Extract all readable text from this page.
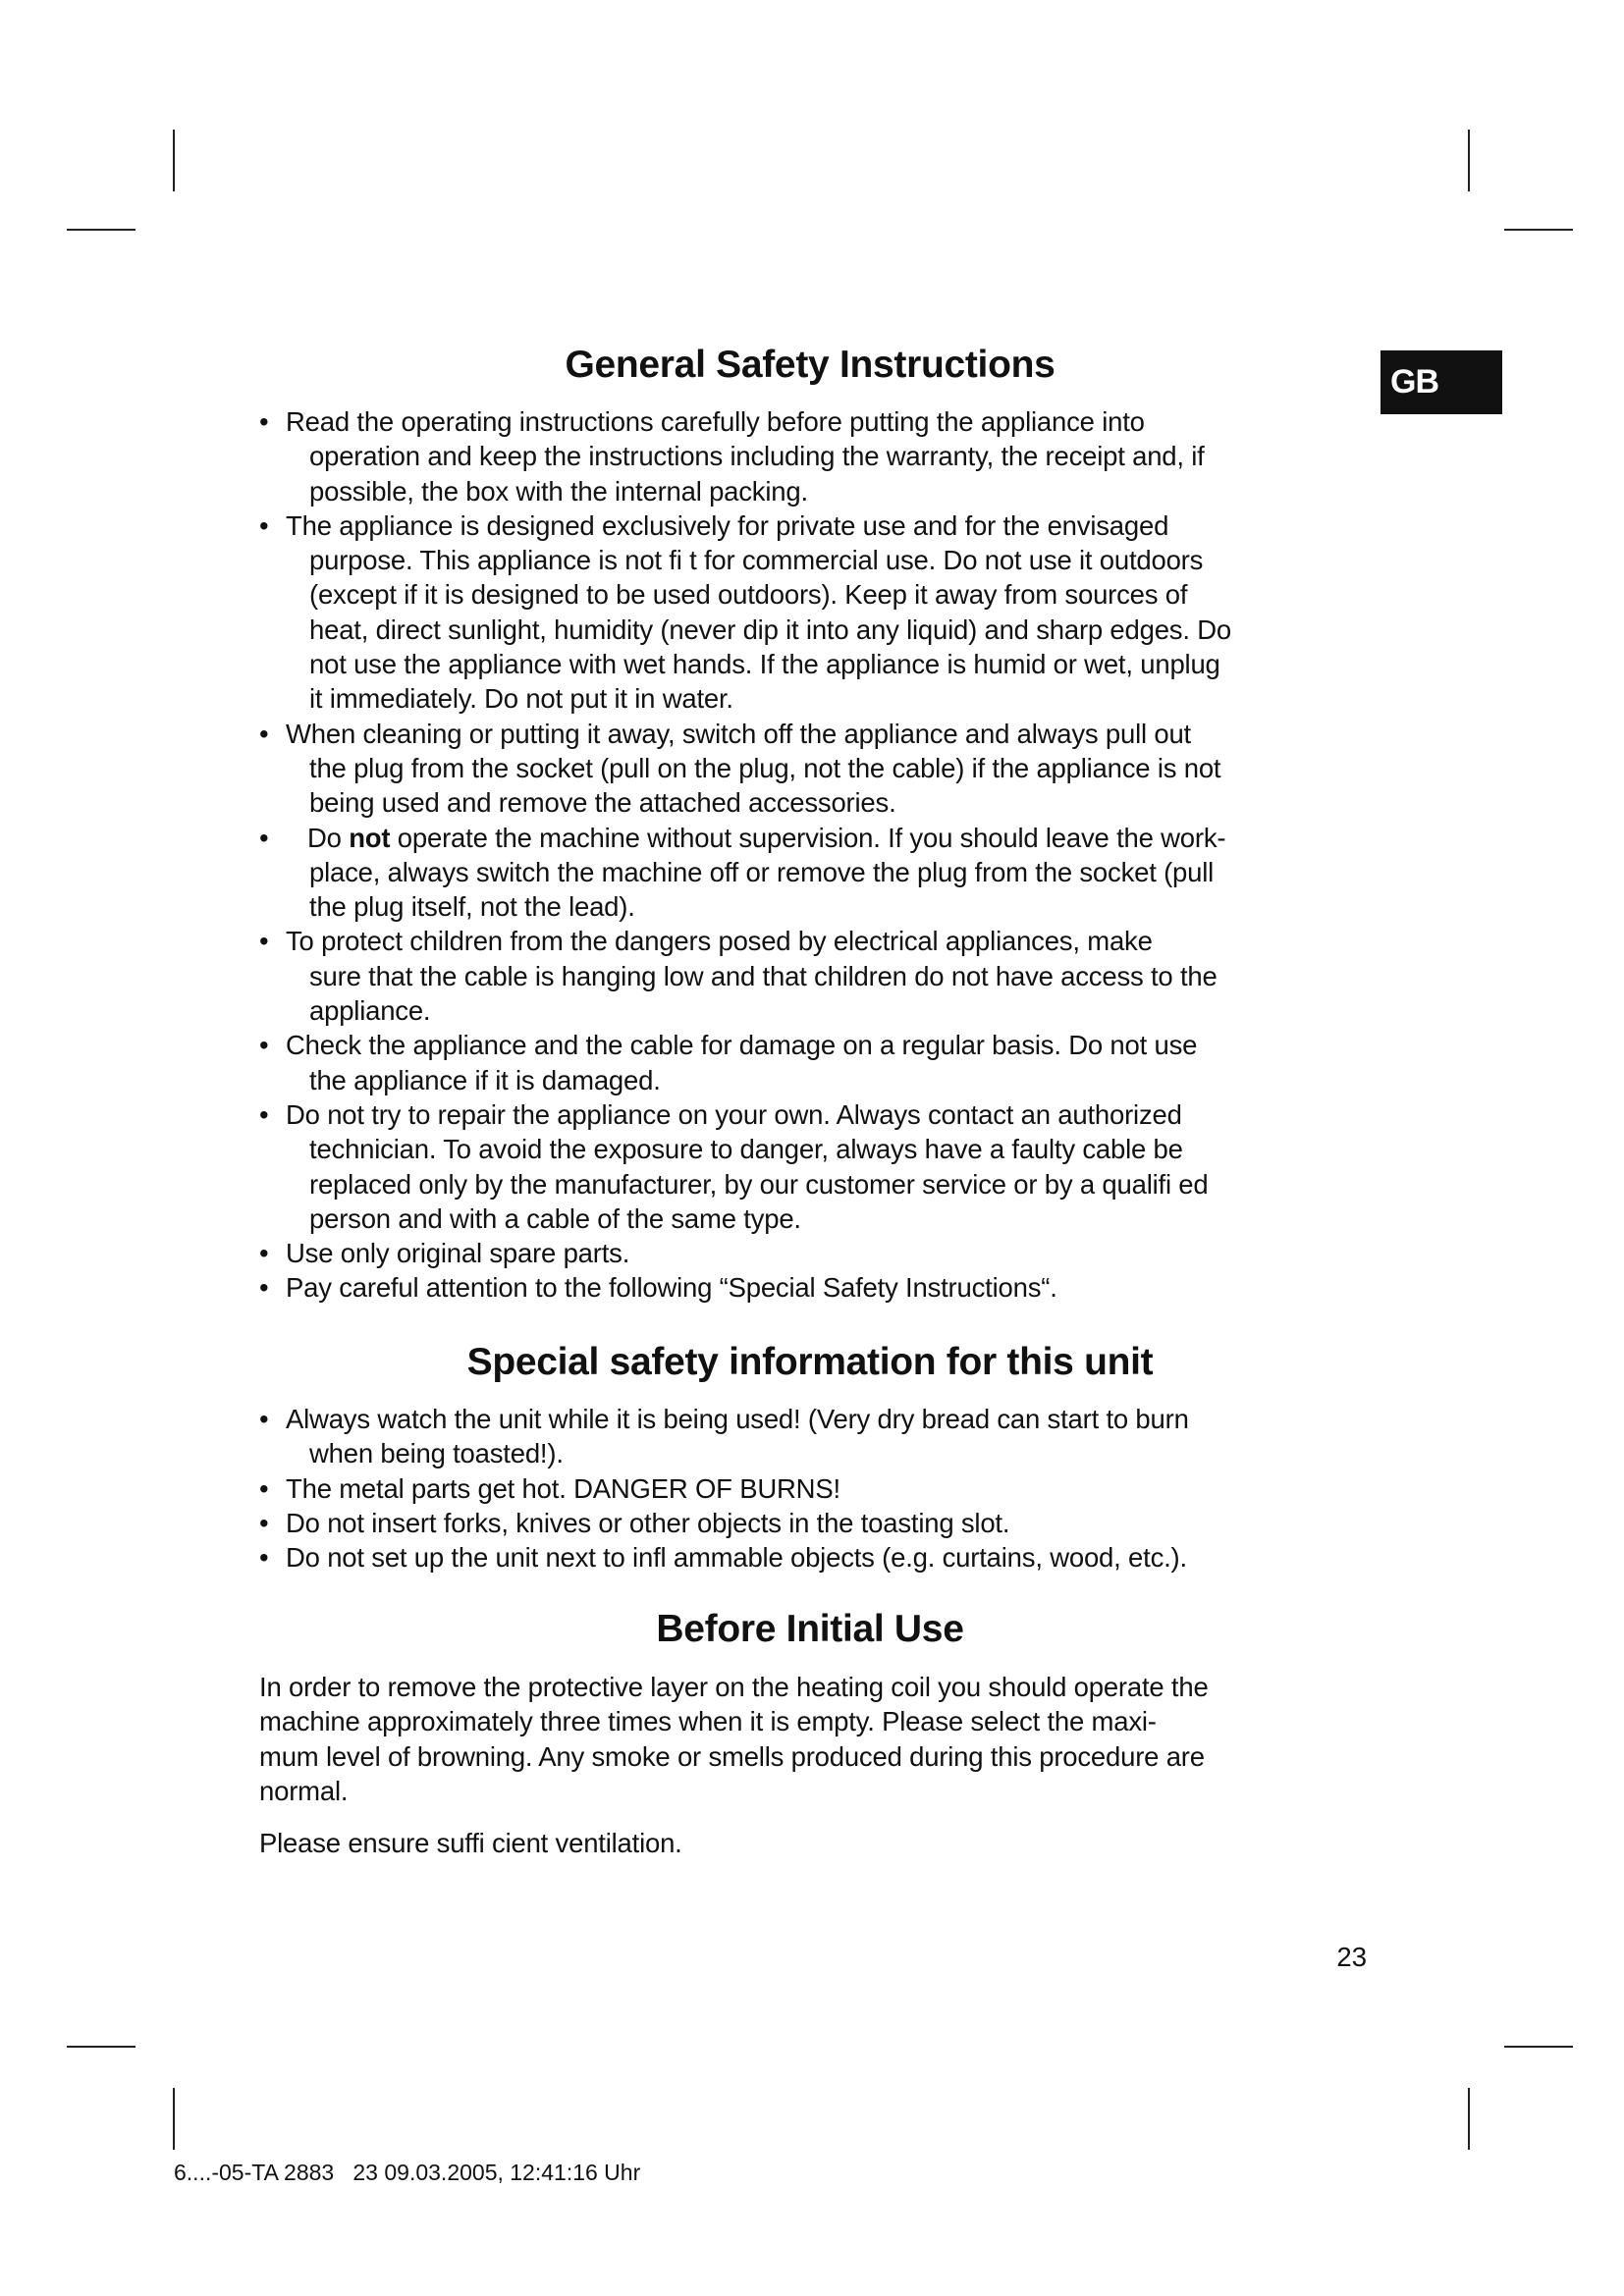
GB
General Safety Instructions
• Read the operating instructions carefully before putting the appliance into
operation and keep the instructions including the warranty, the receipt and, if
possible, the box with the internal packing.
• The appliance is designed exclusively for private use and for the envisaged
purpose. This appliance is not fi t for commercial use. Do not use it outdoors
(except if it is designed to be used outdoors). Keep it away from sources of
heat, direct sunlight, humidity (never dip it into any liquid) and sharp edges. Do
not use the appliance with wet hands. If the appliance is humid or wet, unplug
it immediately. Do not put it in water.
• When cleaning or putting it away, switch off the appliance and always pull out
the plug from the socket (pull on the plug, not the cable) if the appliance is not
being used and remove the attached accessories.
•	Do not operate the machine without supervision. If you should leave the work-
place, always switch the machine off or remove the plug from the socket (pull
the plug itself, not the lead).
• To protect children from the dangers posed by electrical appliances, make
sure that the cable is hanging low and that children do not have access to the
appliance.
• Check the appliance and the cable for damage on a regular basis. Do not use
the appliance if it is damaged.
• Do not try to repair the appliance on your own. Always contact an authorized
technician. To avoid the exposure to danger, always have a faulty cable be
replaced only by the manufacturer, by our customer service or by a qualifi ed
person and with a cable of the same type.
• Use only original spare parts.
• Pay careful attention to the following “Special Safety Instructions“.
Special safety information for this unit
• Always watch the unit while it is being used! (Very dry bread can start to burn
when being toasted!).
• The metal parts get hot. DANGER OF BURNS!
• Do not insert forks, knives or other objects in the toasting slot.
• Do not set up the unit next to infl ammable objects (e.g. curtains, wood, etc.).
Before Initial Use
In order to remove the protective layer on the heating coil you should operate the
machine approximately three times when it is empty. Please select the maxi-
mum level of browning. Any smoke or smells produced during this procedure are
normal.
Please ensure suffi cient ventilation.
23
6....-05-TA 2883   23 09.03.2005, 12:41:16 Uhr
